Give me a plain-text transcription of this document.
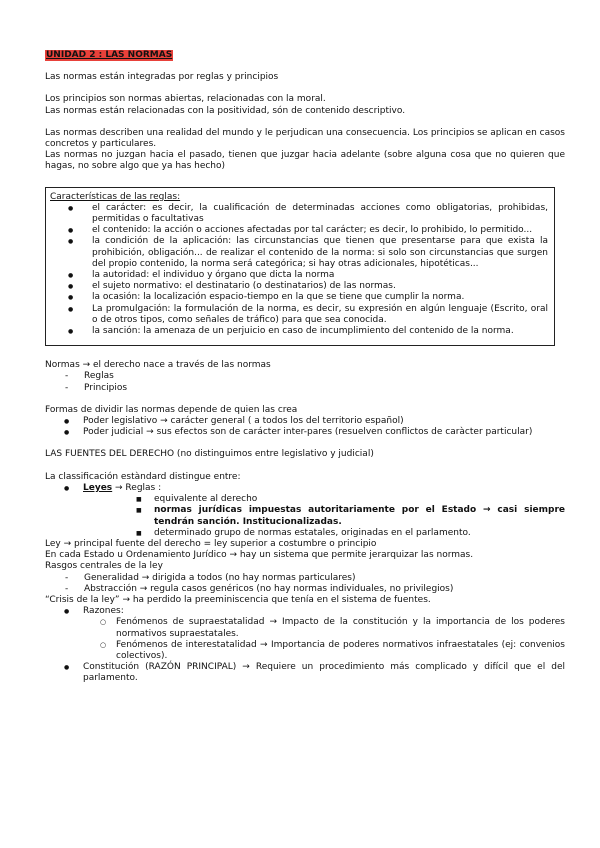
UNIDAD 2 : LAS NORMAS

Las normas están integradas por reglas y principios

Los principios son normas abiertas, relacionadas con la moral.

Las normas están relacionadas con la positividad, són de contenido descriptivo.

Las normas describen una realidad del mundo y le perjudican una consecuencia. Los principios se aplican en casos concretos y particulares.

Las normas no juzgan hacia el pasado, tienen que juzgar hacia adelante (sobre alguna cosa que no quieren que hagas, no sobre algo que ya has hecho)

Características de las reglas:

● el carácter: es decir, la cualificación de determinadas acciones como obligatorias, prohibidas, permitidas o facultativas
● el contenido: la acción o acciones afectadas por tal carácter; es decir, lo prohibido, lo permitido...
● la condición de la aplicación: las circunstancias que tienen que presentarse para que exista la prohibición, obligación... de realizar el contenido de la norma: si solo son circunstancias que surgen del propio contenido, la norma será categórica; si hay otras adicionales, hipotéticas...
● la autoridad: el individuo y órgano que dicta la norma
● el sujeto normativo: el destinatario (o destinatarios) de las normas.
● la ocasión: la localización espacio-tiempo en la que se tiene que cumplir la norma.
● La promulgación: la formulación de la norma, es decir, su expresión en algún lenguaje (Escrito, oral o de otros tipos, como señales de tráfico) para que sea conocida.
● la sanción: la amenaza de un perjuicio en caso de incumplimiento del contenido de la norma.

Normas → el derecho nace a través de las normas

- Reglas

- Principios

Formas de dividir las normas depende de quien las crea

● Poder legislativo → carácter general ( a todos los del territorio español)

● Poder judicial → sus efectos son de carácter inter-pares (resuelven conflictos de caràcter particular)

LAS FUENTES DEL DERECHO (no distinguimos entre legislativo y judicial)

La classificación estàndard distingue entre:

● Leyes → Reglas :

■ equivalente al derecho

■ normas jurídicas impuestas autoritariamente por el Estado → casi siempre tendrán sanción. Institucionalizadas.

■ determinado grupo de normas estatales, originadas en el parlamento.

Ley → principal fuente del derecho = ley superior a costumbre o principio

En cada Estado u Ordenamiento Jurídico → hay un sistema que permite jerarquizar las normas.

Rasgos centrales de la ley

- Generalidad → dirigida a todos (no hay normas particulares)

- Abstracción → regula casos genéricos (no hay normas individuales, no privilegios)

“Crisis de la ley” → ha perdido la preeminiscencia que tenía en el sistema de fuentes.

● Razones:

○ Fenómenos de supraestatalidad → Impacto de la constitución y la importancia de los poderes normativos supraestatales.

○ Fenómenos de interestatalidad → Importancia de poderes normativos infraestatales (ej: convenios colectivos).

● Constitución (RAZÓN PRINCIPAL) → Requiere un procedimiento más complicado y difícil que el del parlamento.
